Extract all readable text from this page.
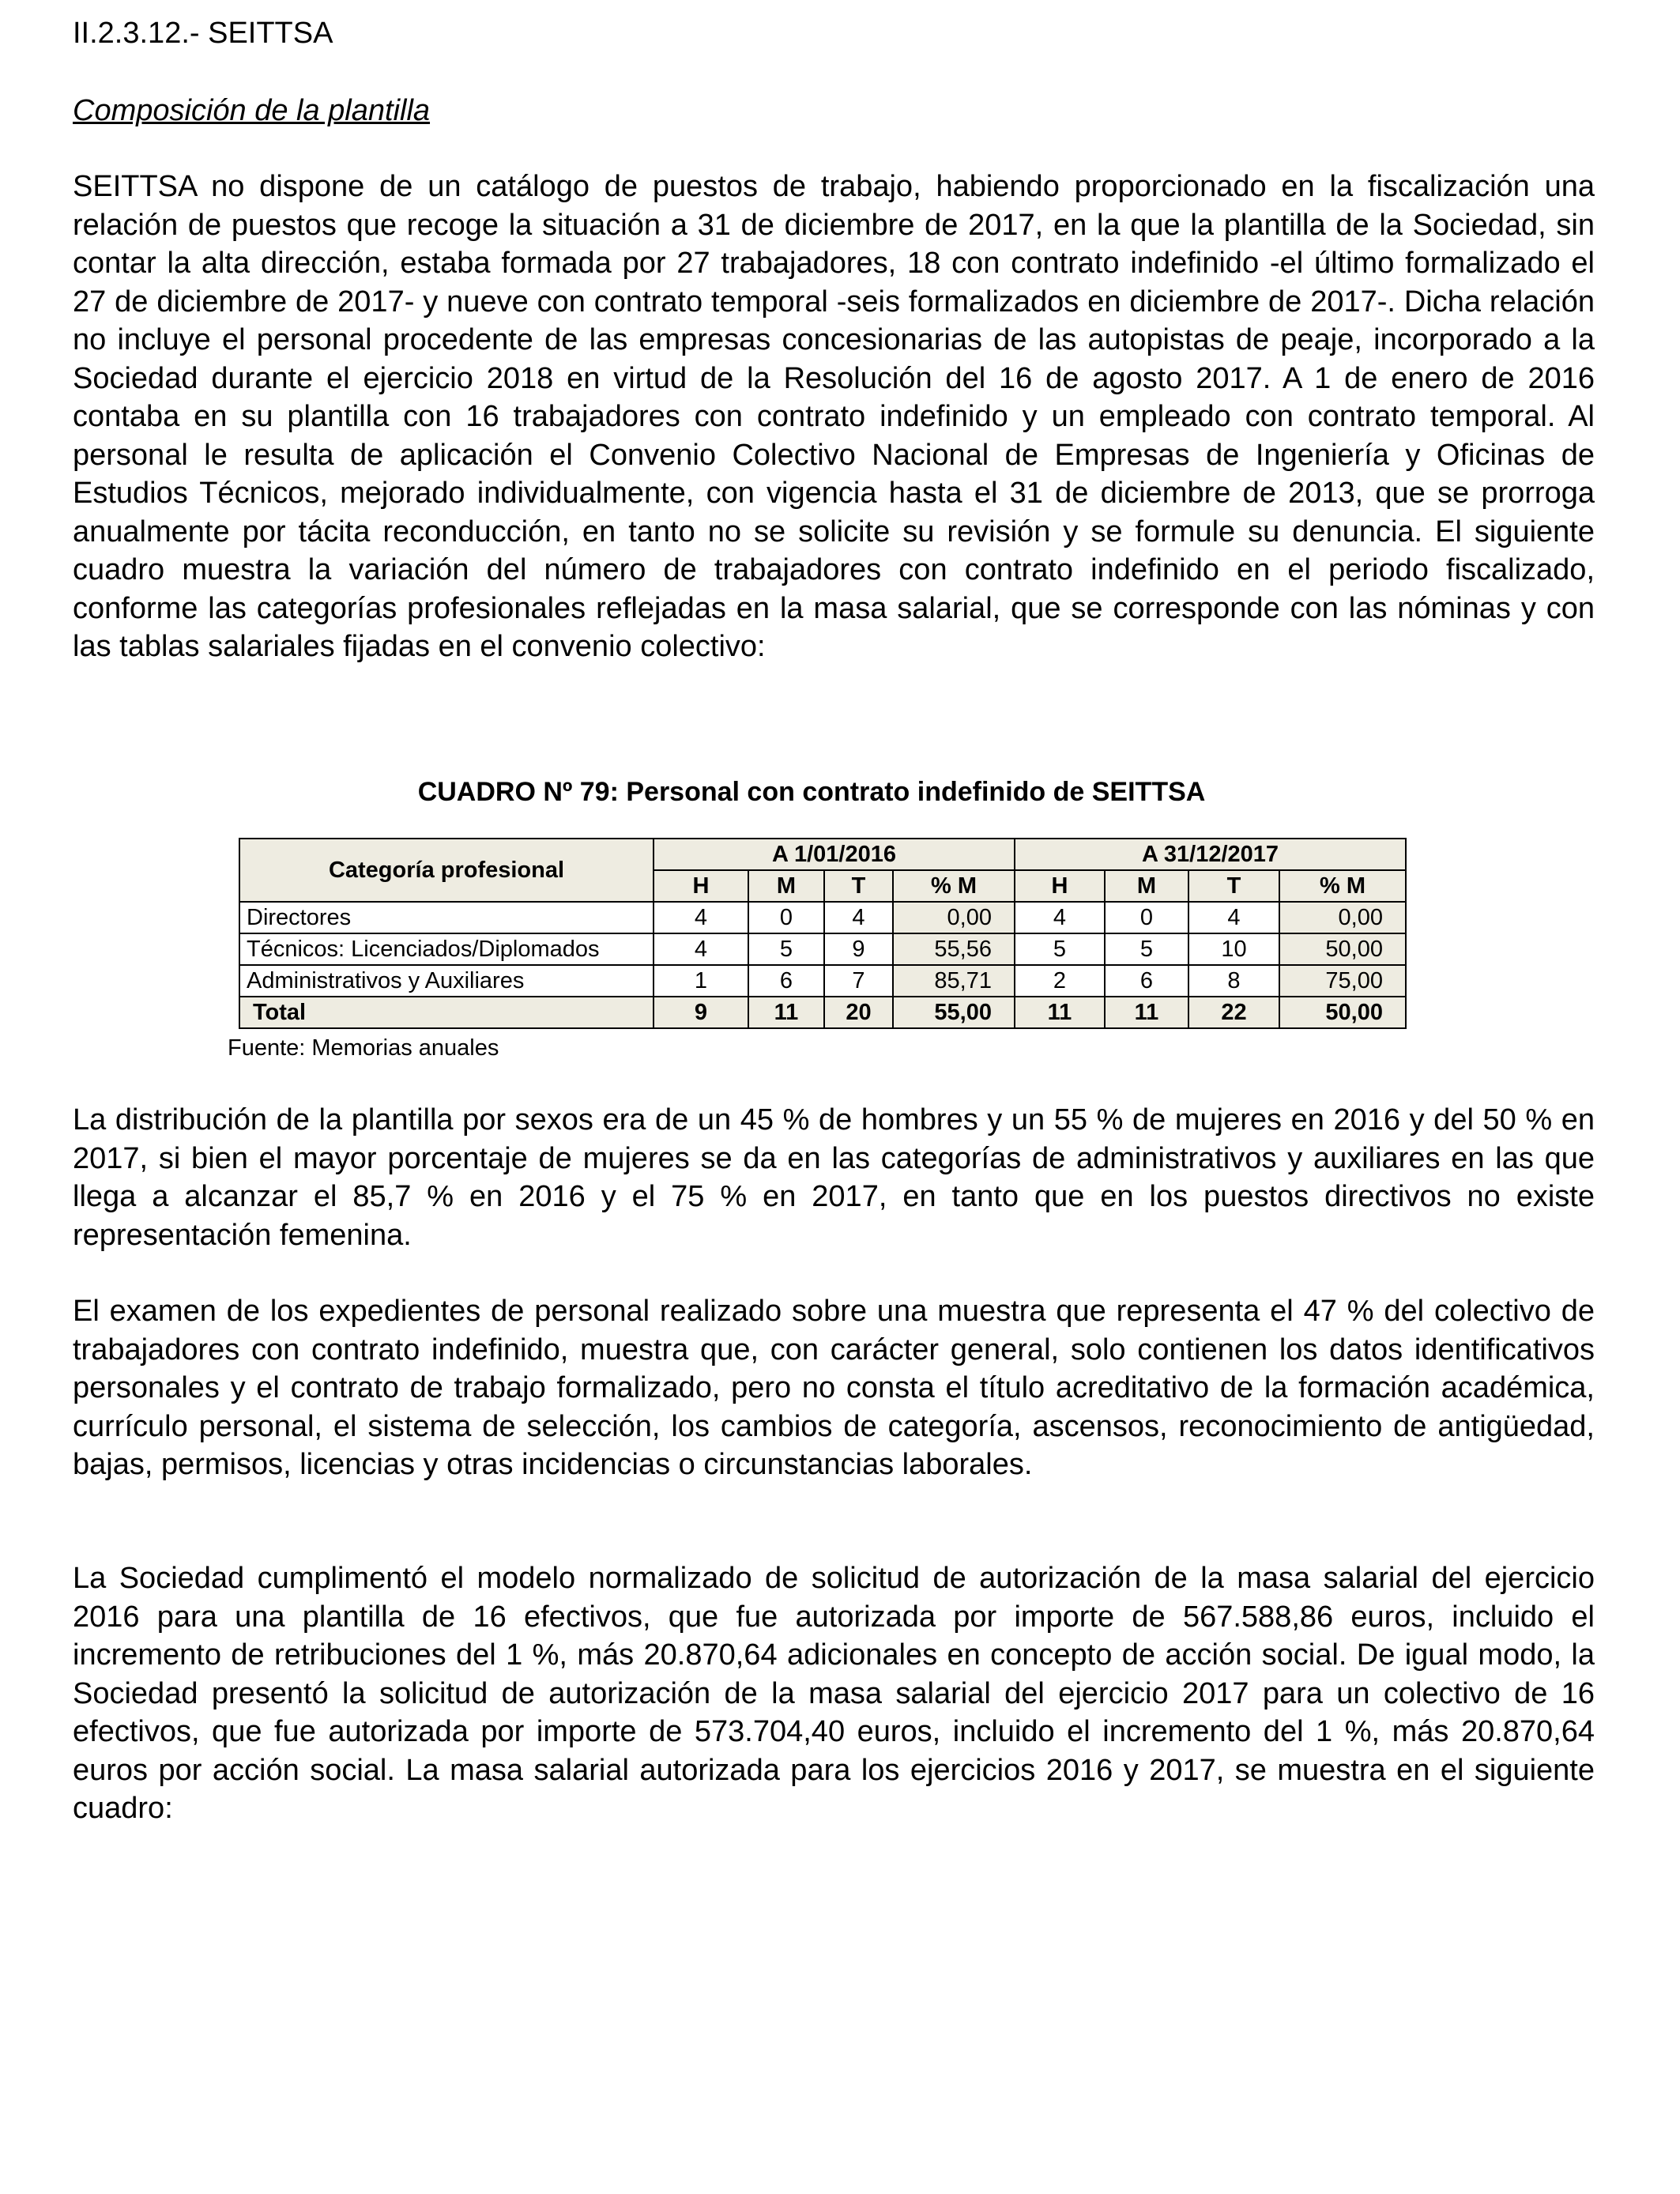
II.2.3.12.- SEITTSA
Composición de la plantilla

SEITTSA no dispone de un catálogo de puestos de trabajo, habiendo proporcionado en la fiscalización una relación de puestos que recoge la situación a 31 de diciembre de 2017, en la que la plantilla de la Sociedad, sin contar la alta dirección, estaba formada por 27 trabajadores, 18 con contrato indefinido -el último formalizado el 27 de diciembre de 2017- y nueve con contrato temporal -seis formalizados en diciembre de 2017-. Dicha relación no incluye el personal procedente de las empresas concesionarias de las autopistas de peaje, incorporado a la Sociedad durante el ejercicio 2018 en virtud de la Resolución del 16 de agosto 2017. A 1 de enero de 2016 contaba en su plantilla con 16 trabajadores con contrato indefinido y un empleado con contrato temporal. Al personal le resulta de aplicación el Convenio Colectivo Nacional de Empresas de Ingeniería y Oficinas de Estudios Técnicos, mejorado individualmente, con vigencia hasta el 31 de diciembre de 2013, que se prorroga anualmente por tácita reconducción, en tanto no se solicite su revisión y se formule su denuncia. El siguiente cuadro muestra la variación del número de trabajadores con contrato indefinido en el periodo fiscalizado, conforme las categorías profesionales reflejadas en la masa salarial, que se corresponde con las nóminas y con las tablas salariales fijadas en el convenio colectivo:

CUADRO Nº 79: Personal con contrato indefinido de SEITTSA
Categoría profesional	A 1/01/2016				A 31/12/2017			
	H	M	T	% M	H	M	T	% M
Directores	4	0	4	0,00	4	0	4	0,00
Técnicos: Licenciados/Diplomados	4	5	9	55,56	5	5	10	50,00
Administrativos y Auxiliares	1	6	7	85,71	2	6	8	75,00
Total	9	11	20	55,00	11	11	22	50,00
Fuente: Memorias anuales

La distribución de la plantilla por sexos era de un 45 % de hombres y un 55 % de mujeres en 2016 y del 50 % en 2017, si bien el mayor porcentaje de mujeres se da en las categorías de administrativos y auxiliares en las que llega a alcanzar el 85,7 % en 2016 y el 75 % en 2017, en tanto que en los puestos directivos no existe representación femenina.

El examen de los expedientes de personal realizado sobre una muestra que representa el 47 % del colectivo de trabajadores con contrato indefinido, muestra que, con carácter general, solo contienen los datos identificativos personales y el contrato de trabajo formalizado, pero no consta el título acreditativo de la formación académica, currículo personal, el sistema de selección, los cambios de categoría, ascensos, reconocimiento de antigüedad, bajas, permisos, licencias y otras incidencias o circunstancias laborales.

La Sociedad cumplimentó el modelo normalizado de solicitud de autorización de la masa salarial del ejercicio 2016 para una plantilla de 16 efectivos, que fue autorizada por importe de 567.588,86 euros, incluido el incremento de retribuciones del 1 %, más 20.870,64 adicionales en concepto de acción social. De igual modo, la Sociedad presentó la solicitud de autorización de la masa salarial del ejercicio 2017 para un colectivo de 16 efectivos, que fue autorizada por importe de 573.704,40 euros, incluido el incremento del 1 %, más 20.870,64 euros por acción social. La masa salarial autorizada para los ejercicios 2016 y 2017, se muestra en el siguiente cuadro:
